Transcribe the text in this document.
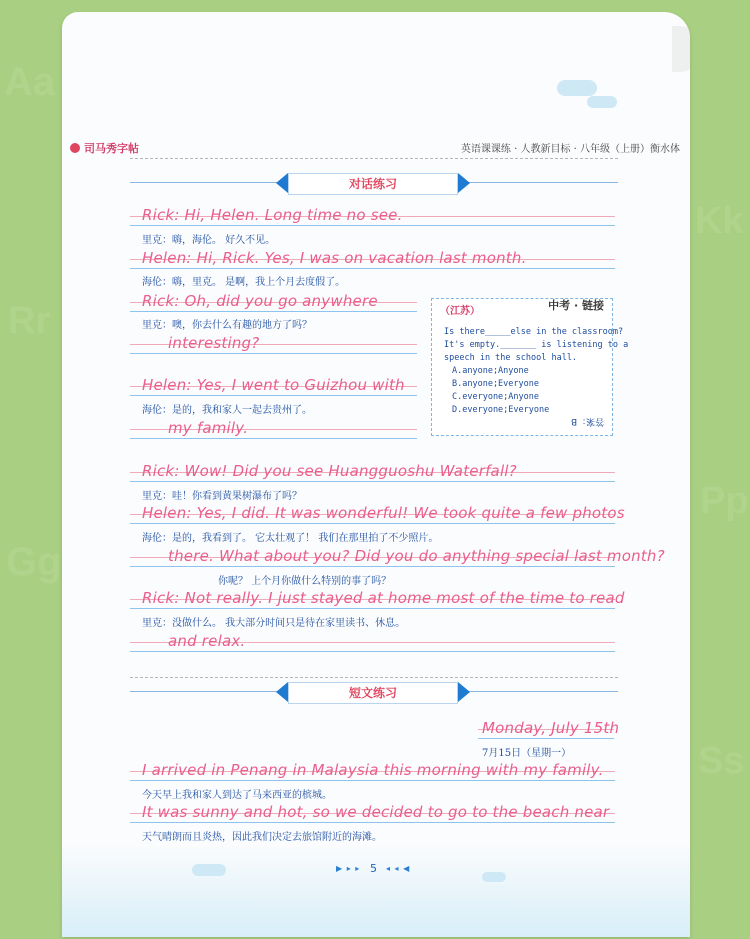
Aa
Rr
Gg
Kk
Pp
Ss
司马秀字帖	英语课课练 · 人教新目标 · 八年级（上册）衡水体
对话练习
Rick: Hi, Helen. Long time no see.
里克：嗨，海伦。 好久不见。
Helen: Hi, Rick. Yes, I was on vacation last month.
海伦：嗨，里克。 是啊，我上个月去度假了。
Rick: Oh, did you go anywhere
里克：噢，你去什么有趣的地方了吗？
interesting?
Helen: Yes, I went to Guizhou with
海伦：是的，我和家人一起去贵州了。
my family.
Rick: Wow! Did you see Huangguoshu Waterfall?
里克：哇！你看到黄果树瀑布了吗？
Helen: Yes, I did. It was wonderful! We took quite a few photos
海伦：是的，我看到了。 它太壮观了！ 我们在那里拍了不少照片。
there. What about you? Did you do anything special last month?
你呢？ 上个月你做什么特别的事了吗？
Rick: Not really. I just stayed at home most of the time to read
里克：没做什么。 我大部分时间只是待在家里读书、休息。
and relax.
（江苏）	中考 · 链接
Is there_____else in the classroom?
It's empty._______ is listening to a
speech in the school hall.
A.anyone;Anyone
B.anyone;Everyone
C.everyone;Anyone
D.everyone;Everyone
答案：B
短文练习
Monday, July 15th
7月15日（星期一）
I arrived in Penang in Malaysia this morning with my family.
今天早上我和家人到达了马来西亚的槟城。
It was sunny and hot, so we decided to go to the beach near
天气晴朗而且炎热，因此我们决定去旅馆附近的海滩。
▶ ▸ ▸ 5 ◂ ◂ ◀
